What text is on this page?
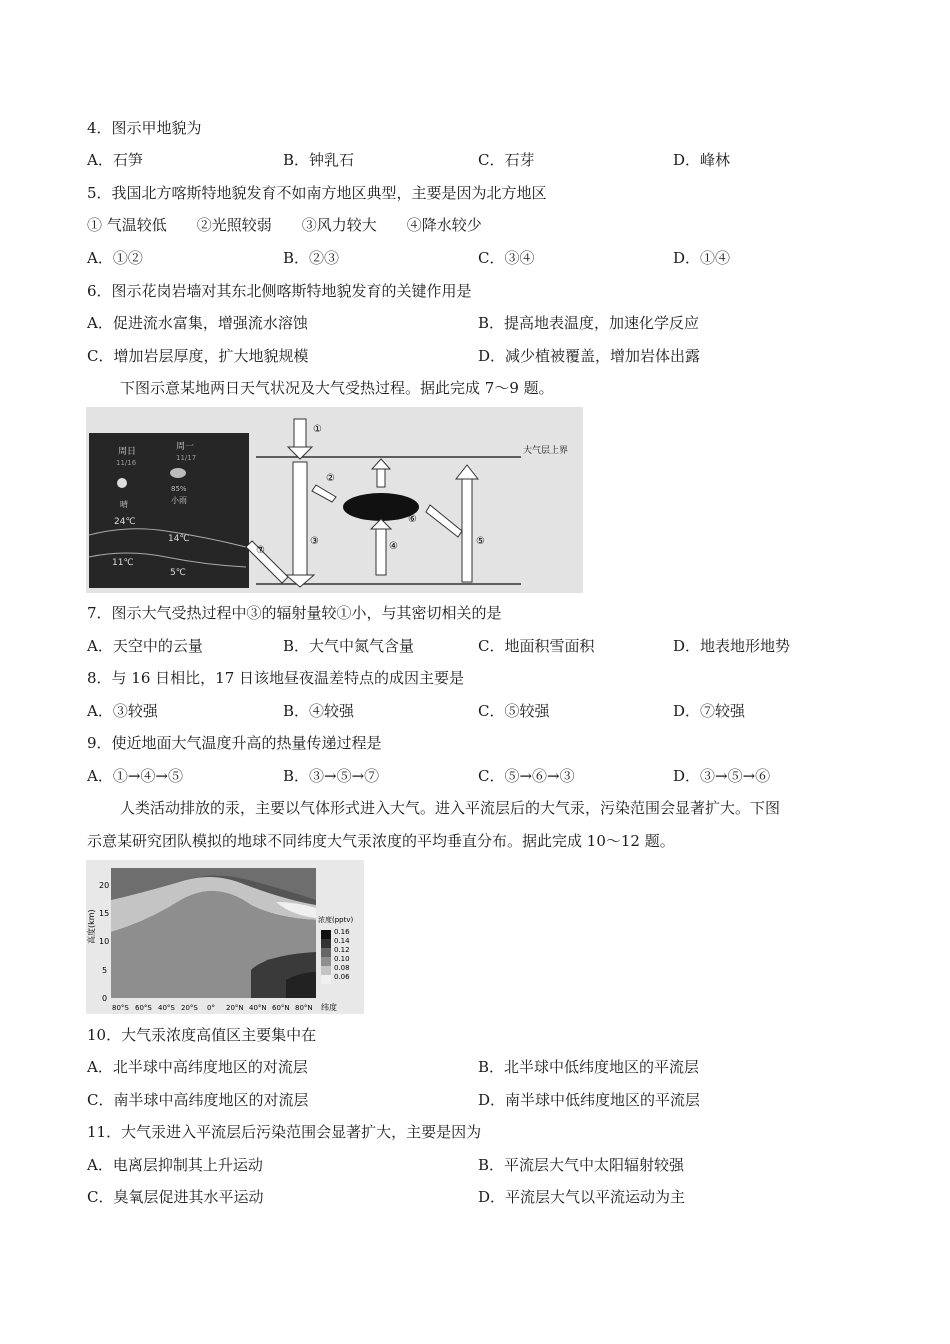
4．图示甲地貌为
A．石笋	B．钟乳石	C．石芽	D．峰林
5．我国北方喀斯特地貌发育不如南方地区典型，主要是因为北方地区
① 气温较低　　②光照较弱　　③风力较大　　④降水较少
A．①②	B．②③	C．③④	D．①④
6．图示花岗岩墙对其东北侧喀斯特地貌发育的关键作用是
A．促进流水富集，增强流水溶蚀	B．提高地表温度，加速化学反应
C．增加岩层厚度，扩大地貌规模	D．减少植被覆盖，增加岩体出露
下图示意某地两日天气状况及大气受热过程。据此完成 7～9 题。
周日
11/16
周一
11/17
85%
晴	小雨
24℃
14℃
11℃
5℃
大气层上界
①
③
②
④
⑥
⑤
⑦
7．图示大气受热过程中③的辐射量较①小，与其密切相关的是
A．天空中的云量	B．大气中氮气含量	C．地面积雪面积	D．地表地形地势
8．与 16 日相比，17 日该地昼夜温差特点的成因主要是
A．③较强	B．④较强	C．⑤较强	D．⑦较强
9．使近地面大气温度升高的热量传递过程是
A．①→④→⑤	B．③→⑤→⑦	C．⑤→⑥→③	D．③→⑤→⑥
人类活动排放的汞，主要以气体形式进入大气。进入平流层后的大气汞，污染范围会显著扩大。下图
示意某研究团队模拟的地球不同纬度大气汞浓度的平均垂直分布。据此完成 10～12 题。
高度(km)
20
15
10
5
0
80°S 60°S 40°S 20°S 0° 20°N 40°N 60°N 80°N 纬度
浓度(pptv)
0.16
0.14
0.12
0.10
0.08
0.06
10．大气汞浓度高值区主要集中在
A．北半球中高纬度地区的对流层	B．北半球中低纬度地区的平流层
C．南半球中高纬度地区的对流层	D．南半球中低纬度地区的平流层
11．大气汞进入平流层后污染范围会显著扩大，主要是因为
A．电离层抑制其上升运动	B．平流层大气中太阳辐射较强
C．臭氧层促进其水平运动	D．平流层大气以平流运动为主
